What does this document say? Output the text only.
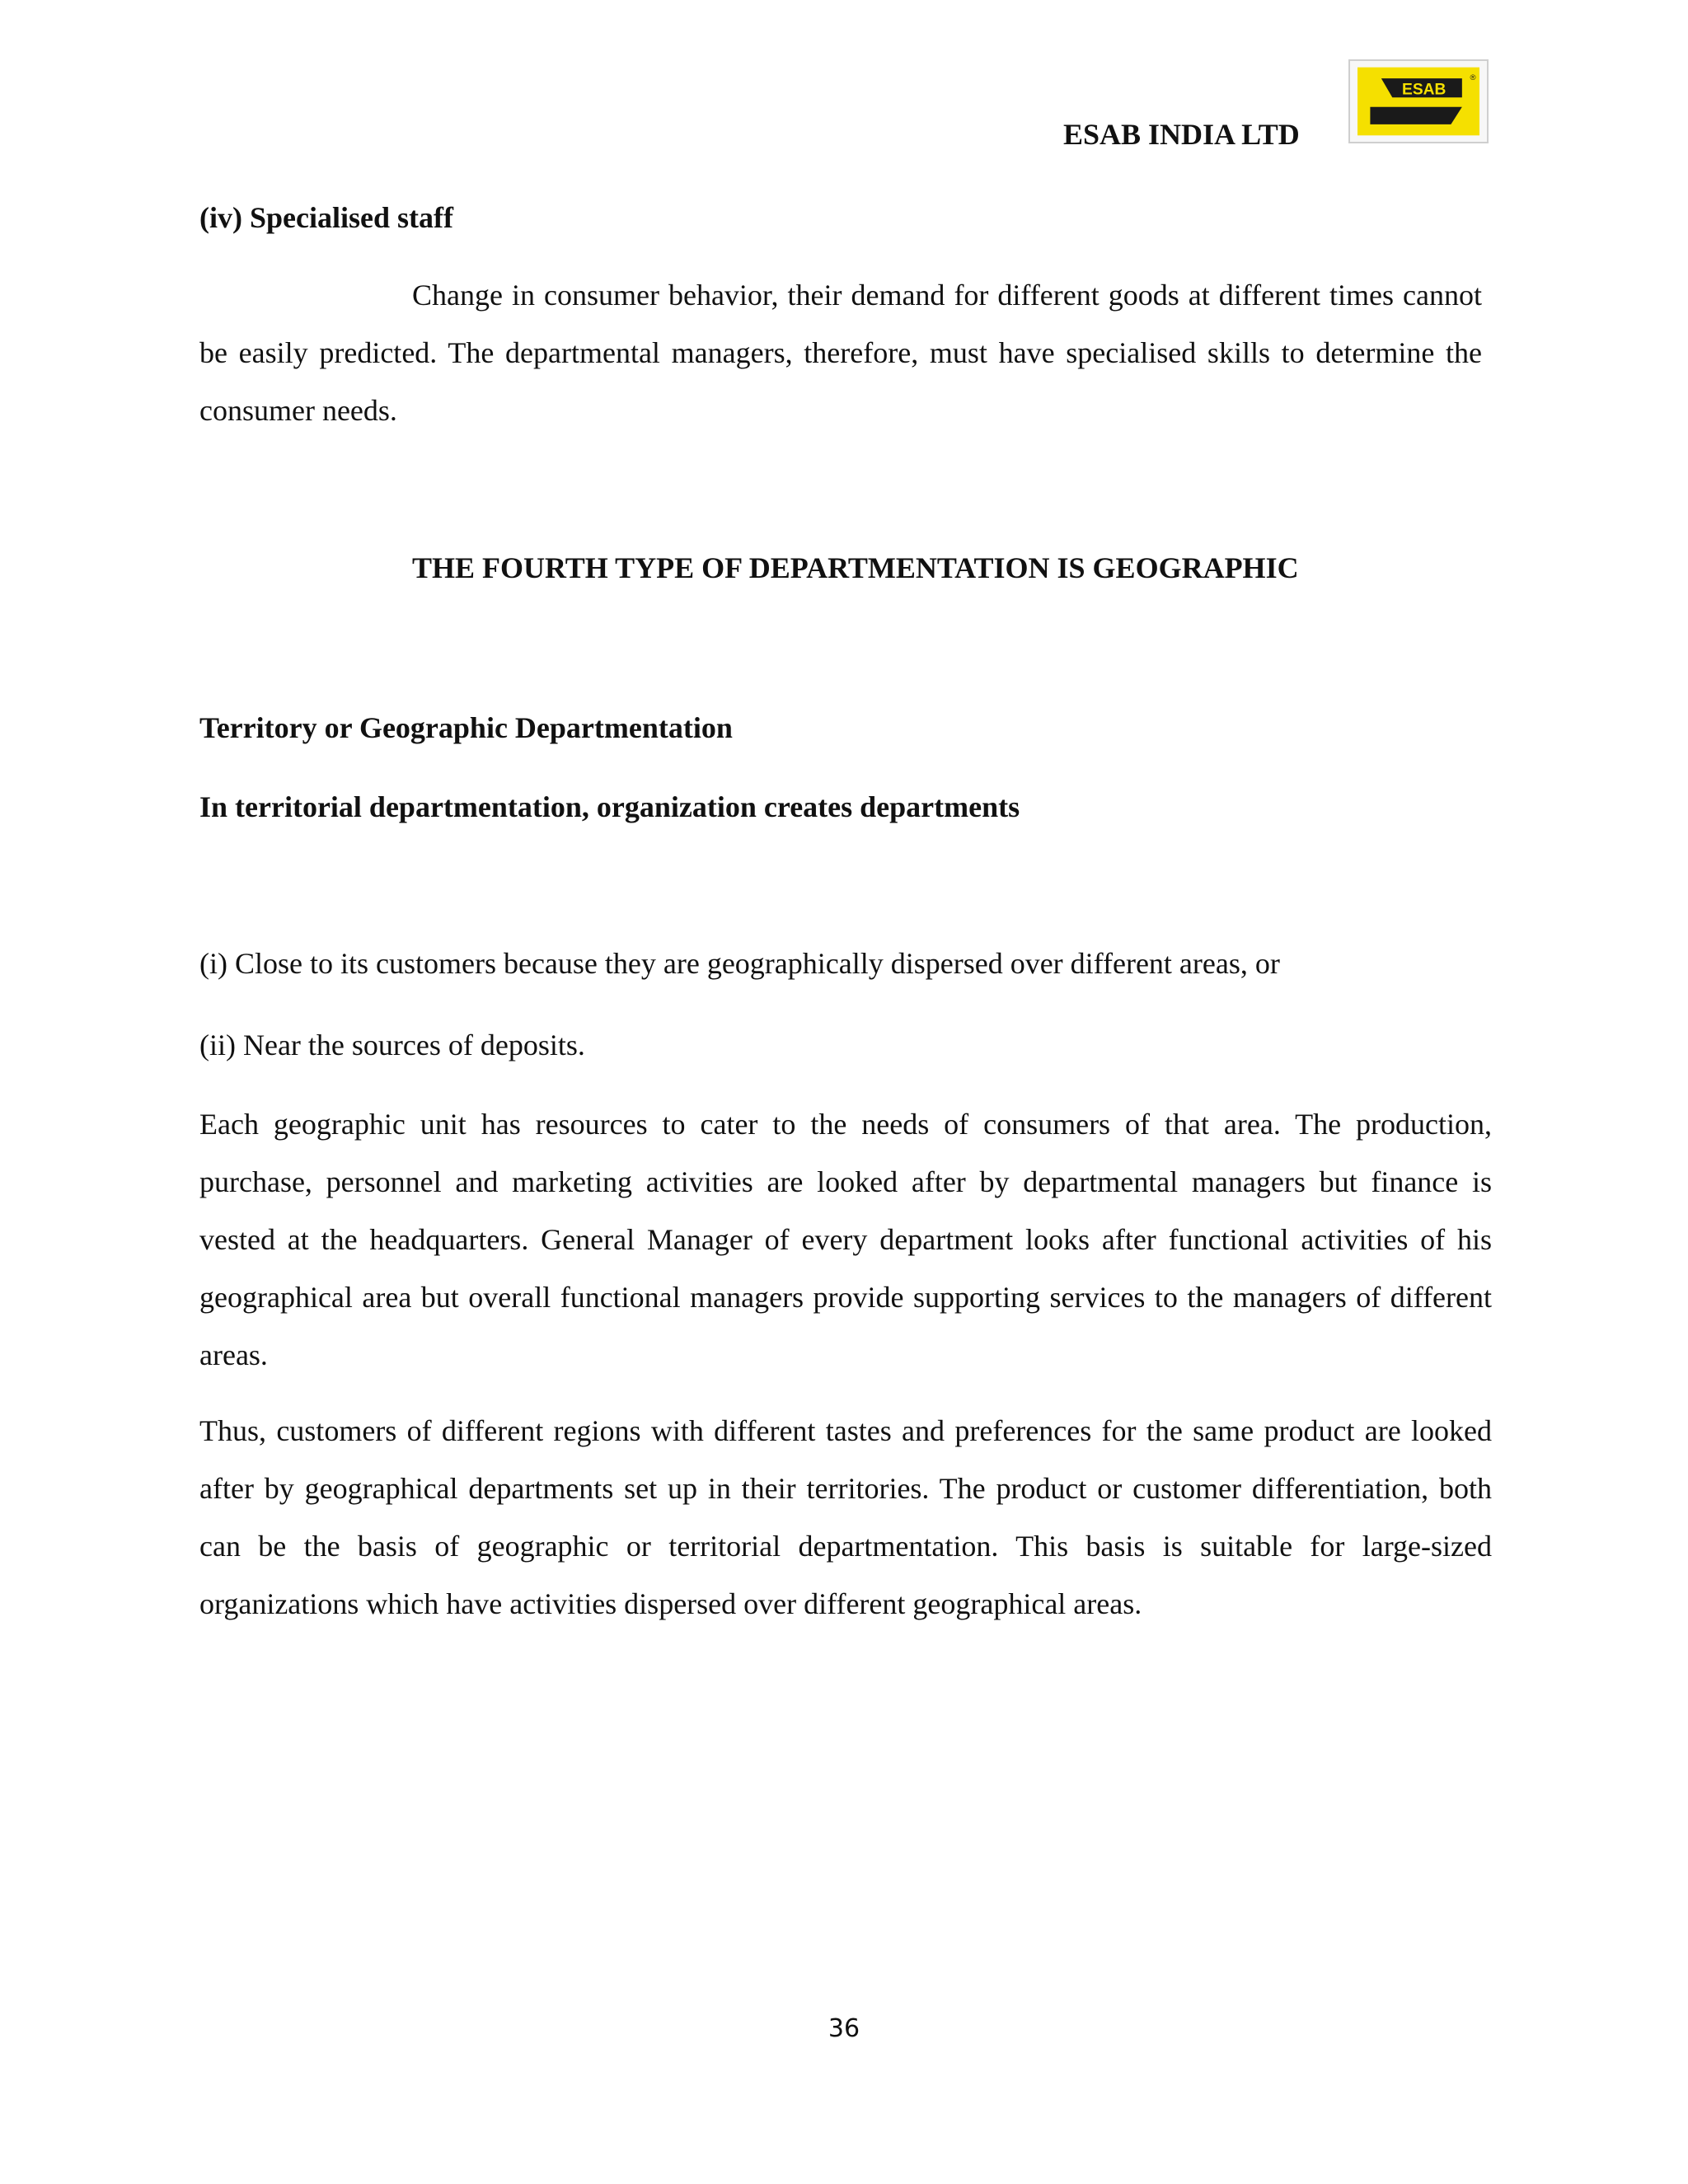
ESAB INDIA LTD
ESAB
®
(iv) Specialised staff
Change in consumer behavior, their demand for different goods at different times cannot be easily predicted. The departmental managers, therefore, must have specialised skills to determine the consumer needs.
THE FOURTH TYPE OF DEPARTMENTATION IS GEOGRAPHIC
Territory or Geographic Departmentation
In territorial departmentation, organization creates departments
(i) Close to its customers because they are geographically dispersed over different areas, or
(ii) Near the sources of deposits.
Each geographic unit has resources to cater to the needs of consumers of that area. The production, purchase, personnel and marketing activities are looked after by departmental managers but finance is vested at the headquarters. General Manager of every department looks after functional activities of his geographical area but overall functional managers provide supporting services to the managers of different areas.
Thus, customers of different regions with different tastes and preferences for the same product are looked after by geographical departments set up in their territories. The product or customer differentiation, both can be the basis of geographic or territorial departmentation. This basis is suitable for large-sized organizations which have activities dispersed over different geographical areas.
36
